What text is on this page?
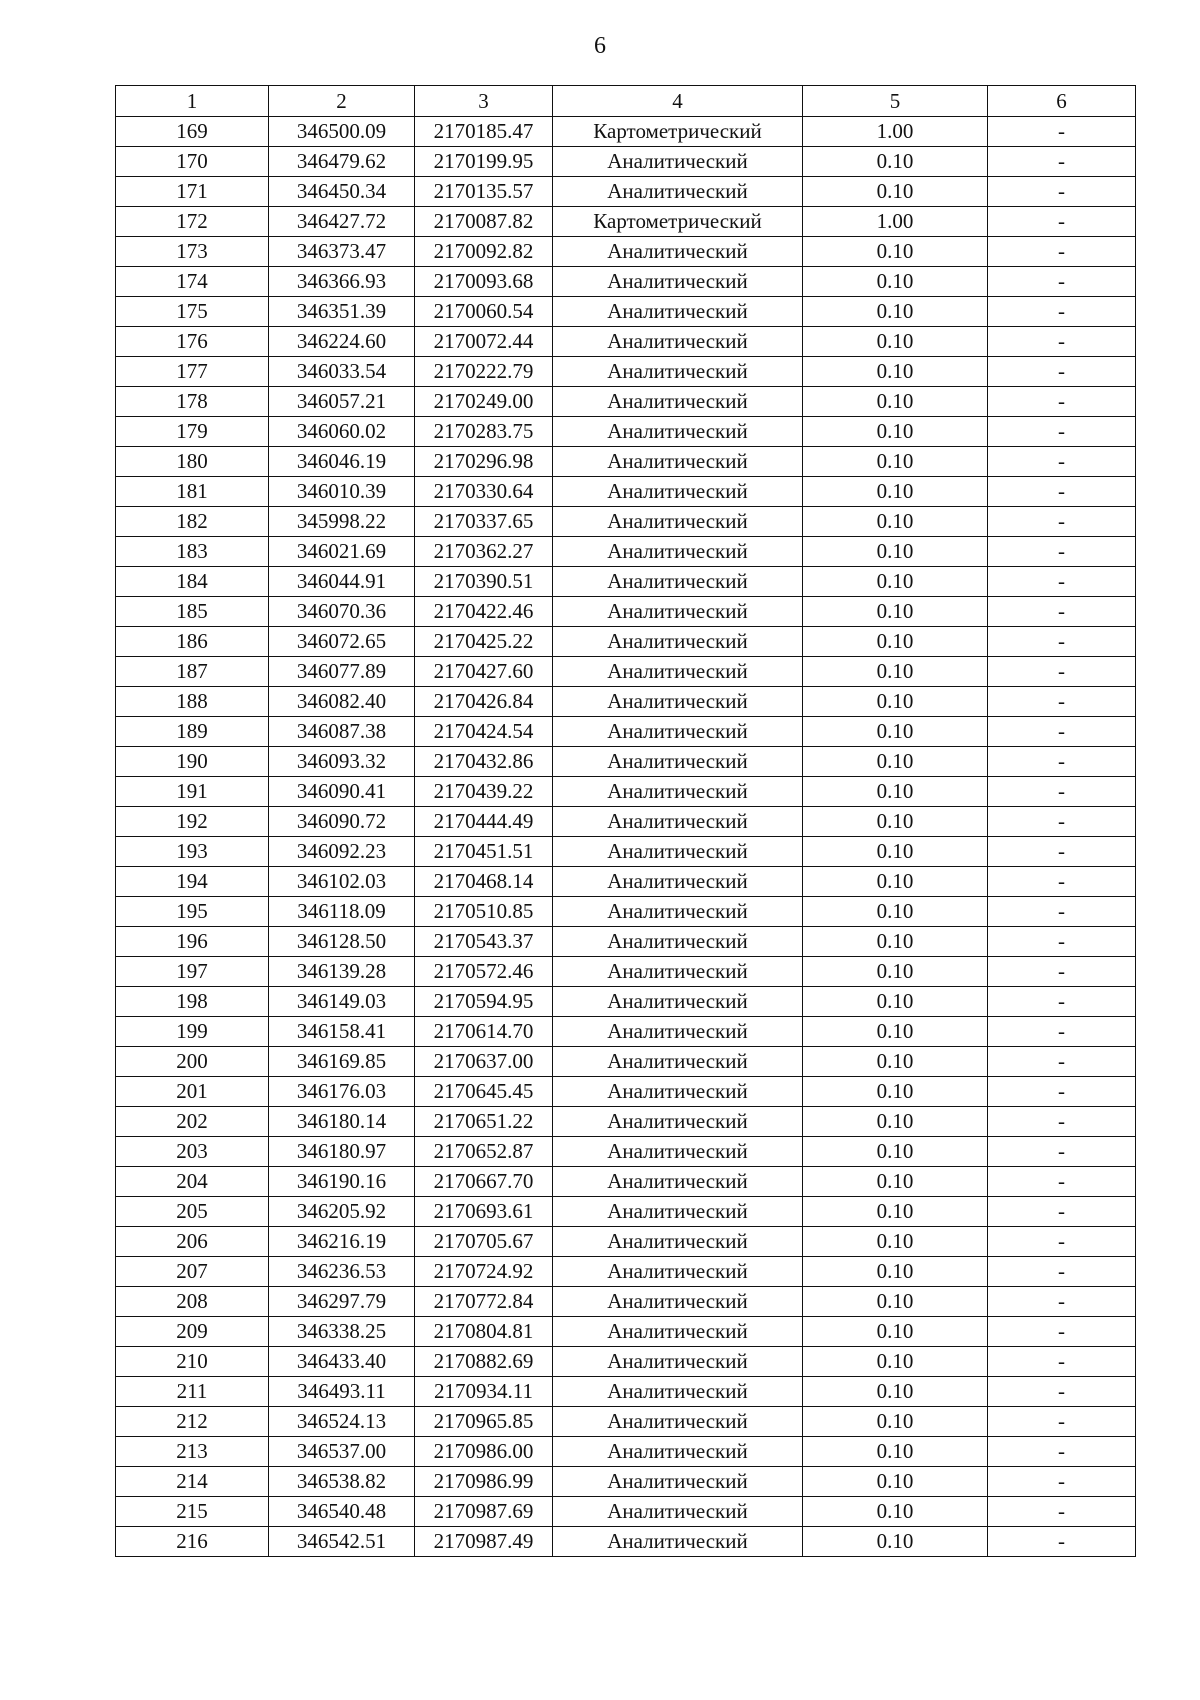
6
1	2	3	4	5	6
169	346500.09	2170185.47	Картометрический	1.00	-
170	346479.62	2170199.95	Аналитический	0.10	-
171	346450.34	2170135.57	Аналитический	0.10	-
172	346427.72	2170087.82	Картометрический	1.00	-
173	346373.47	2170092.82	Аналитический	0.10	-
174	346366.93	2170093.68	Аналитический	0.10	-
175	346351.39	2170060.54	Аналитический	0.10	-
176	346224.60	2170072.44	Аналитический	0.10	-
177	346033.54	2170222.79	Аналитический	0.10	-
178	346057.21	2170249.00	Аналитический	0.10	-
179	346060.02	2170283.75	Аналитический	0.10	-
180	346046.19	2170296.98	Аналитический	0.10	-
181	346010.39	2170330.64	Аналитический	0.10	-
182	345998.22	2170337.65	Аналитический	0.10	-
183	346021.69	2170362.27	Аналитический	0.10	-
184	346044.91	2170390.51	Аналитический	0.10	-
185	346070.36	2170422.46	Аналитический	0.10	-
186	346072.65	2170425.22	Аналитический	0.10	-
187	346077.89	2170427.60	Аналитический	0.10	-
188	346082.40	2170426.84	Аналитический	0.10	-
189	346087.38	2170424.54	Аналитический	0.10	-
190	346093.32	2170432.86	Аналитический	0.10	-
191	346090.41	2170439.22	Аналитический	0.10	-
192	346090.72	2170444.49	Аналитический	0.10	-
193	346092.23	2170451.51	Аналитический	0.10	-
194	346102.03	2170468.14	Аналитический	0.10	-
195	346118.09	2170510.85	Аналитический	0.10	-
196	346128.50	2170543.37	Аналитический	0.10	-
197	346139.28	2170572.46	Аналитический	0.10	-
198	346149.03	2170594.95	Аналитический	0.10	-
199	346158.41	2170614.70	Аналитический	0.10	-
200	346169.85	2170637.00	Аналитический	0.10	-
201	346176.03	2170645.45	Аналитический	0.10	-
202	346180.14	2170651.22	Аналитический	0.10	-
203	346180.97	2170652.87	Аналитический	0.10	-
204	346190.16	2170667.70	Аналитический	0.10	-
205	346205.92	2170693.61	Аналитический	0.10	-
206	346216.19	2170705.67	Аналитический	0.10	-
207	346236.53	2170724.92	Аналитический	0.10	-
208	346297.79	2170772.84	Аналитический	0.10	-
209	346338.25	2170804.81	Аналитический	0.10	-
210	346433.40	2170882.69	Аналитический	0.10	-
211	346493.11	2170934.11	Аналитический	0.10	-
212	346524.13	2170965.85	Аналитический	0.10	-
213	346537.00	2170986.00	Аналитический	0.10	-
214	346538.82	2170986.99	Аналитический	0.10	-
215	346540.48	2170987.69	Аналитический	0.10	-
216	346542.51	2170987.49	Аналитический	0.10	-
